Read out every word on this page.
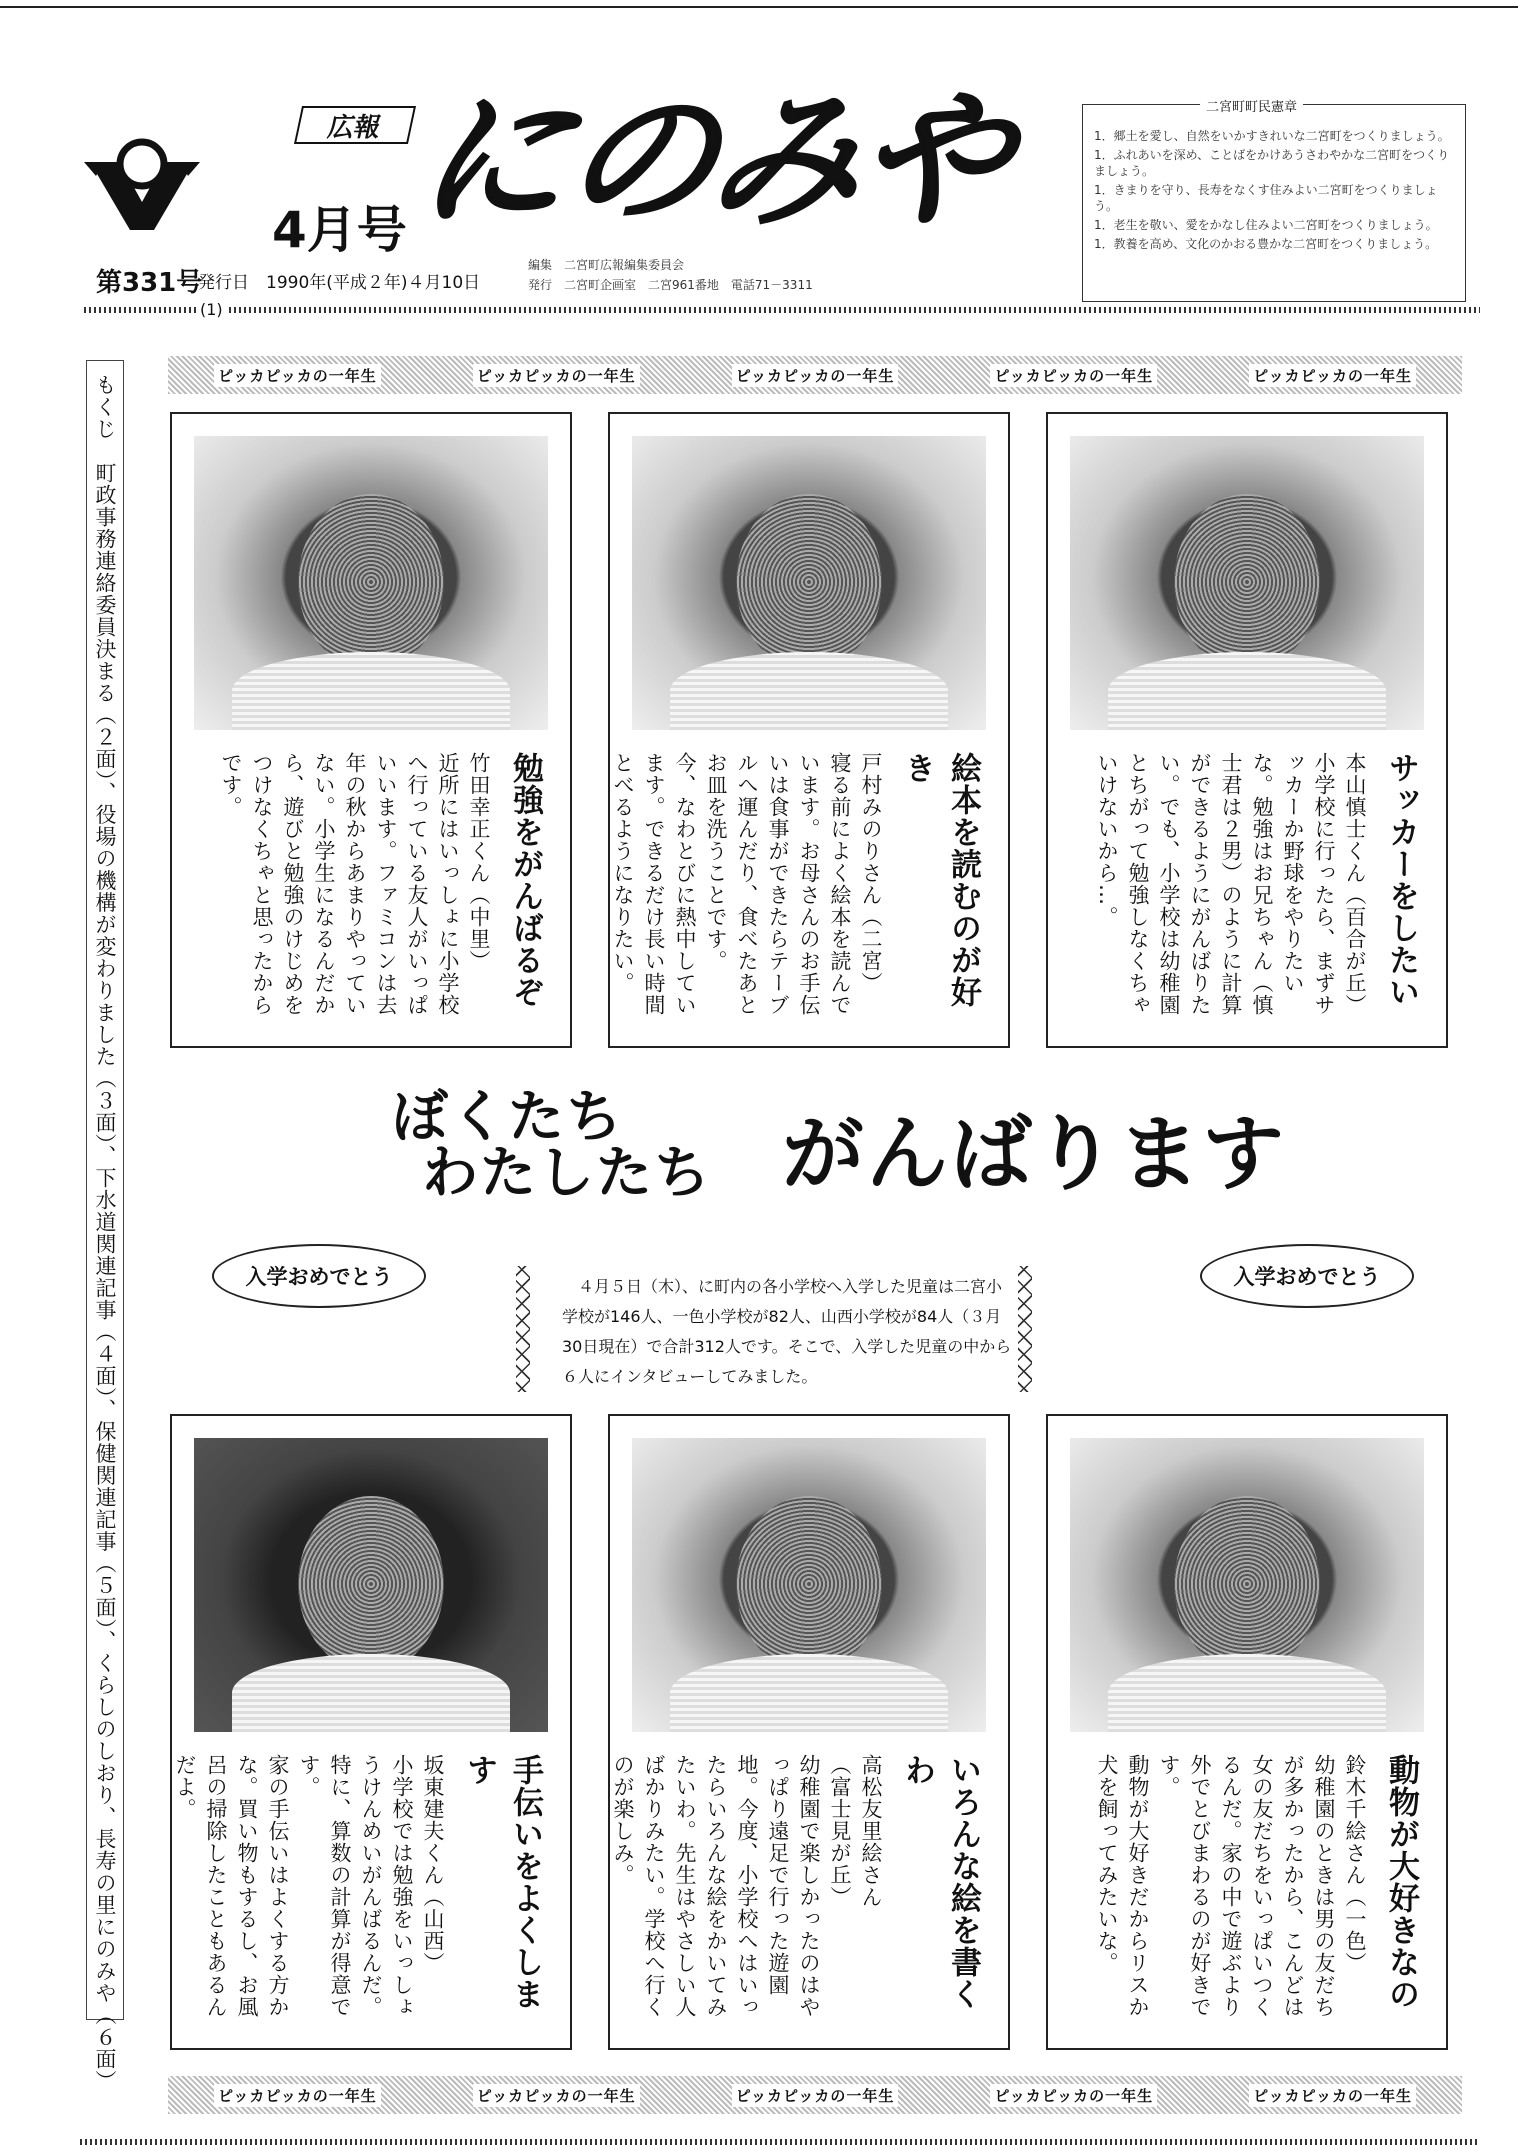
広報 にのみや
4月号
第331号
発行日　1990年(平成２年)４月10日
編集　二宮町広報編集委員会
発行　二宮町企画室　二宮961番地　電話71－3311
二宮町町民憲章
1．郷土を愛し、自然をいかすきれいな二宮町をつくりましょう。
1．ふれあいを深め、ことばをかけあうさわやかな二宮町をつくりましょう。
1．きまりを守り、長寿をなくす住みよい二宮町をつくりましょう。
1．老生を敬い、愛をかなし住みよい二宮町をつくりましょう。
1．教養を高め、文化のかおる豊かな二宮町をつくりましょう。
(1)
もくじ　町政事務連絡委員決まる（２面）、役場の機構が変わりました（３面）、下水道関連記事（４面）、保健関連記事（５面）、くらしのしおり、長寿の里にのみや（６面）	ピッカピッカの一年生	ピッカピッカの一年生	ピッカピッカの一年生	ピッカピッカの一年生	ピッカピッカの一年生
サッカーをしたい
本山慎士くん（百合が丘）
小学校に行ったら、まずサッカーか野球をやりたいな。勉強はお兄ちゃん（慎士君は２男）のように計算ができるようにがんばりたい。でも、小学校は幼稚園とちがって勉強しなくちゃいけないから…。
絵本を読むのが好き
戸村みのりさん（二宮）
寝る前によく絵本を読んでいます。お母さんのお手伝いは食事ができたらテーブルへ運んだり、食べたあとお皿を洗うことです。
今、なわとびに熱中しています。できるだけ長い時間とべるようになりたい。
勉強をがんばるぞ
竹田幸正くん（中里）
近所にはいっしょに小学校へ行っている友人がいっぱいいます。ファミコンは去年の秋からあまりやっていない。小学生になるんだから、遊びと勉強のけじめをつけなくちゃと思ったからです。
ぼくたち
わたしたち がんばります
入学おめでとう	入学おめでとう
４月５日（木）、に町内の各小学校へ入学した児童は二宮小学校が146人、一色小学校が82人、山西小学校が84人（３月30日現在）で合計312人です。そこで、入学した児童の中から６人にインタビューしてみました。
動物が大好きなの
鈴木千絵さん（一色）
幼稚園のときは男の友だちが多かったから、こんどは女の友だちをいっぱいつくるんだ。家の中で遊ぶより外でとびまわるのが好きです。
動物が大好きだからリスか犬を飼ってみたいな。
いろんな絵を書くわ
高松友里絵さん
（富士見が丘）
幼稚園で楽しかったのはやっぱり遠足で行った遊園地。今度、小学校へはいったらいろんな絵をかいてみたいわ。先生はやさしい人ばかりみたい。学校へ行くのが楽しみ。
手伝いをよくします
坂東建夫くん（山西）
小学校では勉強をいっしょうけんめいがんばるんだ。特に、算数の計算が得意です。
家の手伝いはよくする方かな。買い物もするし、お風呂の掃除したこともあるんだよ。
ピッカピッカの一年生	ピッカピッカの一年生	ピッカピッカの一年生	ピッカピッカの一年生	ピッカピッカの一年生
